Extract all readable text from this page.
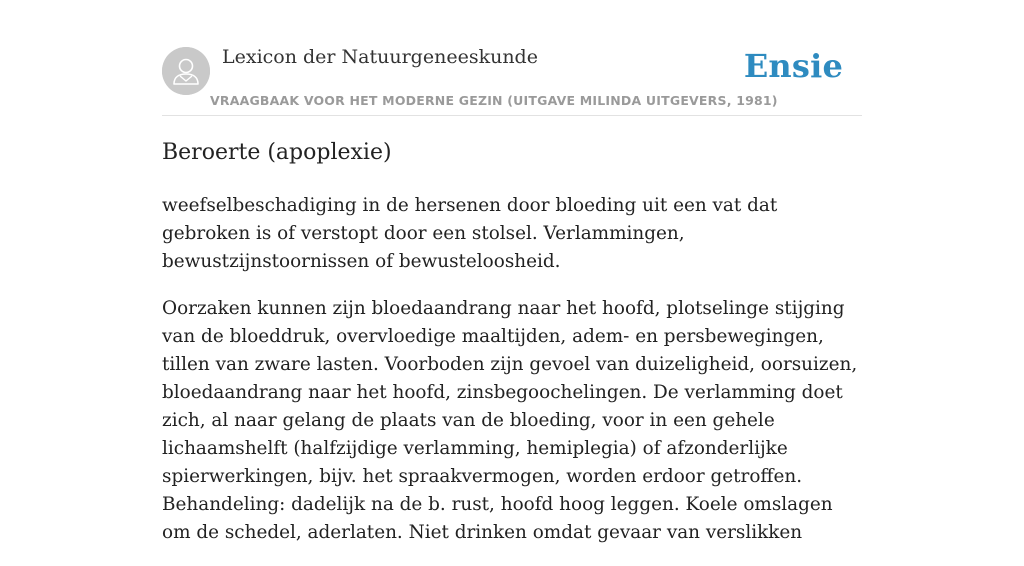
Lexicon der Natuurgeneeskunde
VRAAGBAAK VOOR HET MODERNE GEZIN (UITGAVE MILINDA UITGEVERS, 1981)
Ensie
Beroerte (apoplexie)

weefselbeschadiging in de hersenen door bloeding uit een vat dat gebroken is of verstopt door een stolsel. Verlammingen, bewustzijnstoornissen of bewusteloosheid.

Oorzaken kunnen zijn bloedaandrang naar het hoofd, plotselinge stijging van de bloeddruk, overvloedige maaltijden, adem- en persbewegingen, tillen van zware lasten. Voorboden zijn gevoel van duizeligheid, oorsuizen, bloedaandrang naar het hoofd, zinsbegoochelingen. De verlamming doet zich, al naar gelang de plaats van de bloeding, voor in een gehele lichaamshelft (halfzijdige verlamming, hemiplegia) of afzonderlijke spierwerkingen, bijv. het spraakvermogen, worden erdoor getroffen. Behandeling: dadelijk na de b. rust, hoofd hoog leggen. Koele omslagen om de schedel, aderlaten. Niet drinken omdat gevaar van verslikken
